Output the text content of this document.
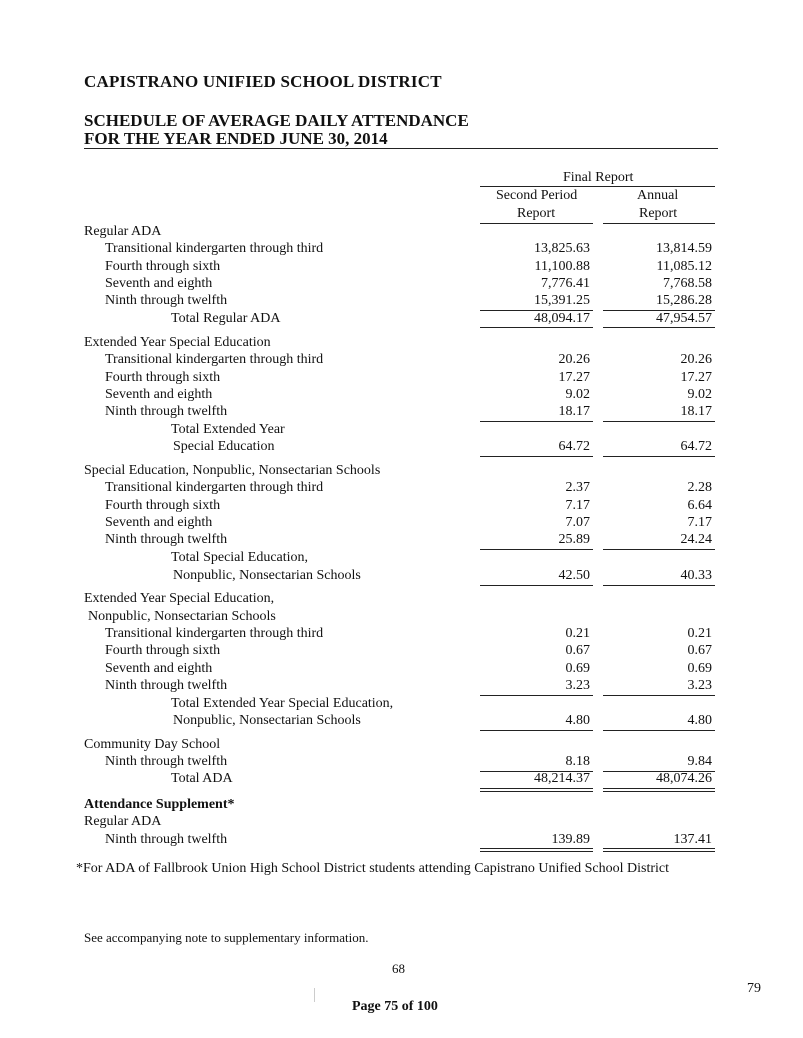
CAPISTRANO UNIFIED SCHOOL DISTRICT
SCHEDULE OF AVERAGE DAILY ATTENDANCE
FOR THE YEAR ENDED JUNE 30, 2014
Final Report
Second Period
Report
Annual
Report
Regular ADA
Transitional kindergarten through third	13,825.63	13,814.59
Fourth through sixth	11,100.88	11,085.12
Seventh and eighth	7,776.41	7,768.58
Ninth through twelfth	15,391.25	15,286.28
Total Regular ADA	48,094.17	47,954.57
Extended Year Special Education
Transitional kindergarten through third	20.26	20.26
Fourth through sixth	17.27	17.27
Seventh and eighth	9.02	9.02
Ninth through twelfth	18.17	18.17
Total Extended Year
Special Education	64.72	64.72
Special Education, Nonpublic, Nonsectarian Schools
Transitional kindergarten through third	2.37	2.28
Fourth through sixth	7.17	6.64
Seventh and eighth	7.07	7.17
Ninth through twelfth	25.89	24.24
Total Special Education,
Nonpublic, Nonsectarian Schools	42.50	40.33
Extended Year Special Education,
Nonpublic, Nonsectarian Schools
Transitional kindergarten through third	0.21	0.21
Fourth through sixth	0.67	0.67
Seventh and eighth	0.69	0.69
Ninth through twelfth	3.23	3.23
Total Extended Year Special Education,
Nonpublic, Nonsectarian Schools	4.80	4.80
Community Day School
Ninth through twelfth	8.18	9.84
Total ADA	48,214.37	48,074.26
Attendance Supplement*
Regular ADA
Ninth through twelfth	139.89	137.41
*For ADA of Fallbrook Union High School District students attending Capistrano Unified School District
See accompanying note to supplementary information.
68
79
Page 75 of 100
